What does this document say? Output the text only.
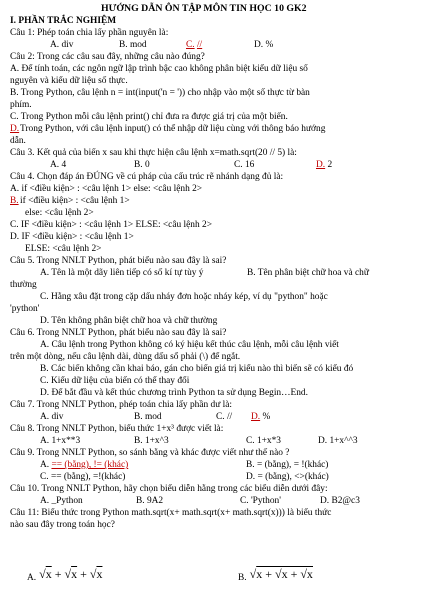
HƯỚNG DẪN ÔN TẬP MÔN TIN HỌC 10 GK2
I. PHẦN TRẮC NGHIỆM
Câu 1: Phép toán chia lấy phần nguyên là:
A. div	B. mod	C. //	D. %
Câu 2: Trong các câu sau đây, những câu nào đúng?
A. Để tính toán, các ngôn ngữ lập trình bậc cao không phân biệt kiểu dữ liệu số
nguyên và kiểu dữ liệu số thực.
B. Trong Python, câu lệnh n = int(input('n = ')) cho nhập vào một số thực từ bàn
phím.
C. Trong Python mỗi câu lệnh print() chỉ đưa ra được giá trị của một biến.
D. Trong Python, với câu lệnh input() có thể nhập dữ liệu cùng với thông báo hướng
dẫn.
Câu 3. Kết quả của biến x sau khi thực hiện câu lệnh x=math.sqrt(20 // 5) là:
A. 4	B. 0	C. 16	D. 2
Câu 4. Chọn đáp án ĐÚNG về cú pháp của cấu trúc rẽ nhánh dạng đủ là:
A. if <điều kiện> : <câu lệnh 1> else: <câu lệnh 2>
B. if <điều kiện> : <câu lệnh 1>
else: <câu lệnh 2>
C. IF <điều kiện> : <câu lệnh 1> ELSE: <câu lệnh 2>
D. IF <điều kiện> : <câu lệnh 1>
ELSE: <câu lệnh 2>
Câu 5. Trong NNLT Python, phát biểu nào sau đây là sai?
A. Tên là một dãy liên tiếp có số kí tự tùy ý	B. Tên phân biệt chữ hoa và chữ
thường
C. Hằng xâu đặt trong cặp dấu nháy đơn hoặc nháy kép, ví dụ "python" hoặc
'python'
D. Tên không phân biệt chữ hoa và chữ thường
Câu 6. Trong NNLT Python, phát biểu nào sau đây là sai?
A. Câu lệnh trong Python không có ký hiệu kết thúc câu lệnh, mỗi câu lệnh viết
trên một dòng, nếu câu lệnh dài, dùng dấu sổ phải (\) để ngắt.
B. Các biến không cần khai báo, gán cho biến giá trị kiểu nào thì biến sẽ có kiểu đó
C. Kiểu dữ liệu của biến có thể thay đổi
D. Để bắt đầu và kết thúc chương trình Python ta sử dụng Begin…End.
Câu 7. Trong NNLT Python, phép toán chia lấy phần dư là:
A. div	B. mod	C. // D. %
Câu 8. Trong NNLT Python, biểu thức 1+x³ được viết là:
A. 1+x**3	B. 1+x^3	C. 1+x*3	D. 1+x^^3
Câu 9. Trong NNLT Python, so sánh bằng và khác được viết như thế nào ?
A. == (bằng), != (khác)	B. = (bằng), = !(khác)
C. == (bằng), =!(khác)	D. = (bằng), <>(khác)
Câu 10. Trong NNLT Python, hãy chọn biểu diễn hằng trong các biểu diễn dưới đây:
A. _Python	B. 9A2	C. 'Python'	D. B2@c3
Câu 11: Biểu thức trong Python math.sqrt(x+ math.sqrt(x+ math.sqrt(x))) là biểu thức
nào sau đây trong toán học?
A. √x + √x + √x	B. √x + √x + √x
